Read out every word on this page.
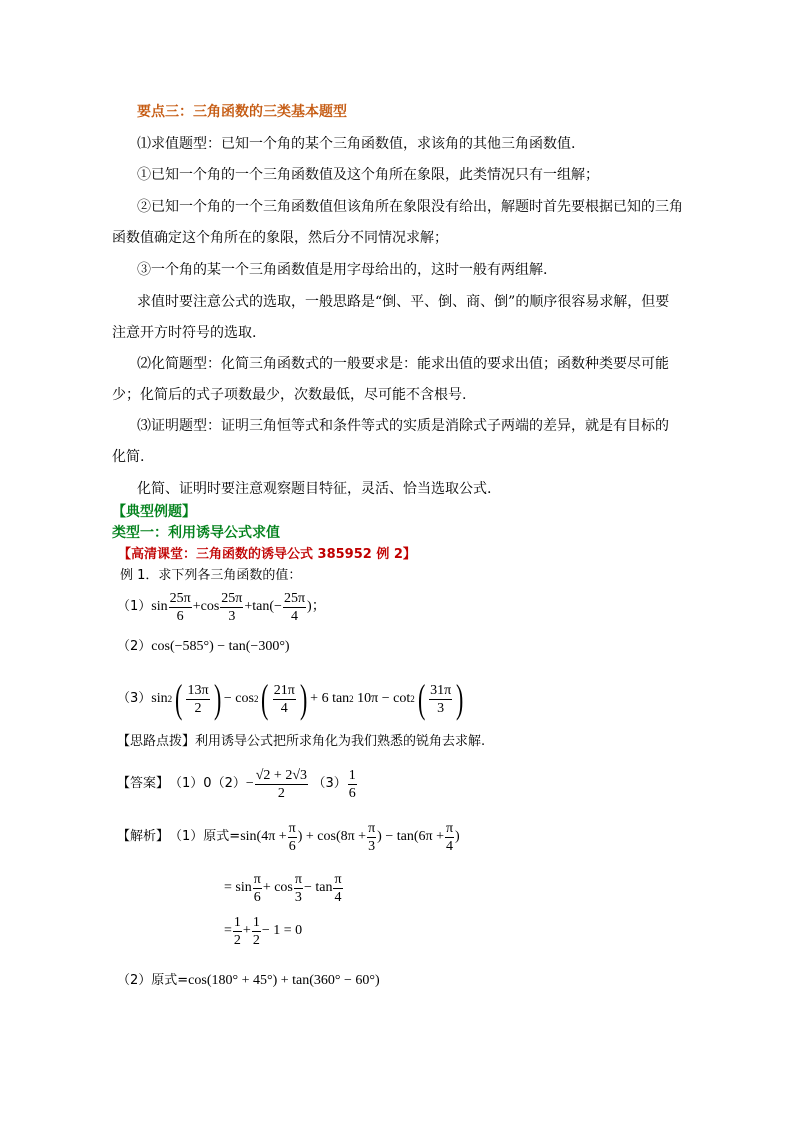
要点三：三角函数的三类基本题型
⑴求值题型：已知一个角的某个三角函数值，求该角的其他三角函数值.
①已知一个角的一个三角函数值及这个角所在象限，此类情况只有一组解；
②已知一个角的一个三角函数值但该角所在象限没有给出，解题时首先要根据已知的三角
函数值确定这个角所在的象限，然后分不同情况求解；
③一个角的某一个三角函数值是用字母给出的，这时一般有两组解.
求值时要注意公式的选取，一般思路是“倒、平、倒、商、倒”的顺序很容易求解，但要
注意开方时符号的选取.
⑵化简题型：化简三角函数式的一般要求是：能求出值的要求出值；函数种类要尽可能
少；化简后的式子项数最少，次数最低，尽可能不含根号.
⑶证明题型：证明三角恒等式和条件等式的实质是消除式子两端的差异，就是有目标的
化简.
化简、证明时要注意观察题目特征，灵活、恰当选取公式.
【典型例题】
类型一：利用诱导公式求值
【高清课堂：三角函数的诱导公式 385952 例 2】
例 1．求下列各三角函数的值：
（1） $\sin \frac{25\pi}{6} + \cos \frac{25\pi}{3} + \tan(- \frac{25\pi}{4}$ ) ；
（2）cos(−585°) − tan(−300°)
（3） sin 2 ( $\frac{13\pi}{2}$ ) −
cos 2 ( $\frac{21\pi}{4}$ ) + 6 tan 2
10π − cot 2 ( $\frac{31\pi}{3}$ )
【思路点拨】利用诱导公式把所求角化为我们熟悉的锐角去求解.
【答案】 （1）0 $(2) - \frac{√2 + 2√3}{2}$
$(3) \frac{1}{6}$
【解析】 （1）原式= $\sin(4\pi + \frac{\pi}{6}$ ) + $\cos(8\pi + \frac{\pi}{3}$ ) − $\tan(6\pi + \frac{\pi}{4}$ )
= $\sin \frac{\pi}{6} + \cos \frac{\pi}{3} - \tan \frac{\pi}{4}$
= $\frac{1}{2} + \frac{1}{2} - 1 = 0$
（2）原式=cos(180° + 45°) + tan(360° − 60°)
